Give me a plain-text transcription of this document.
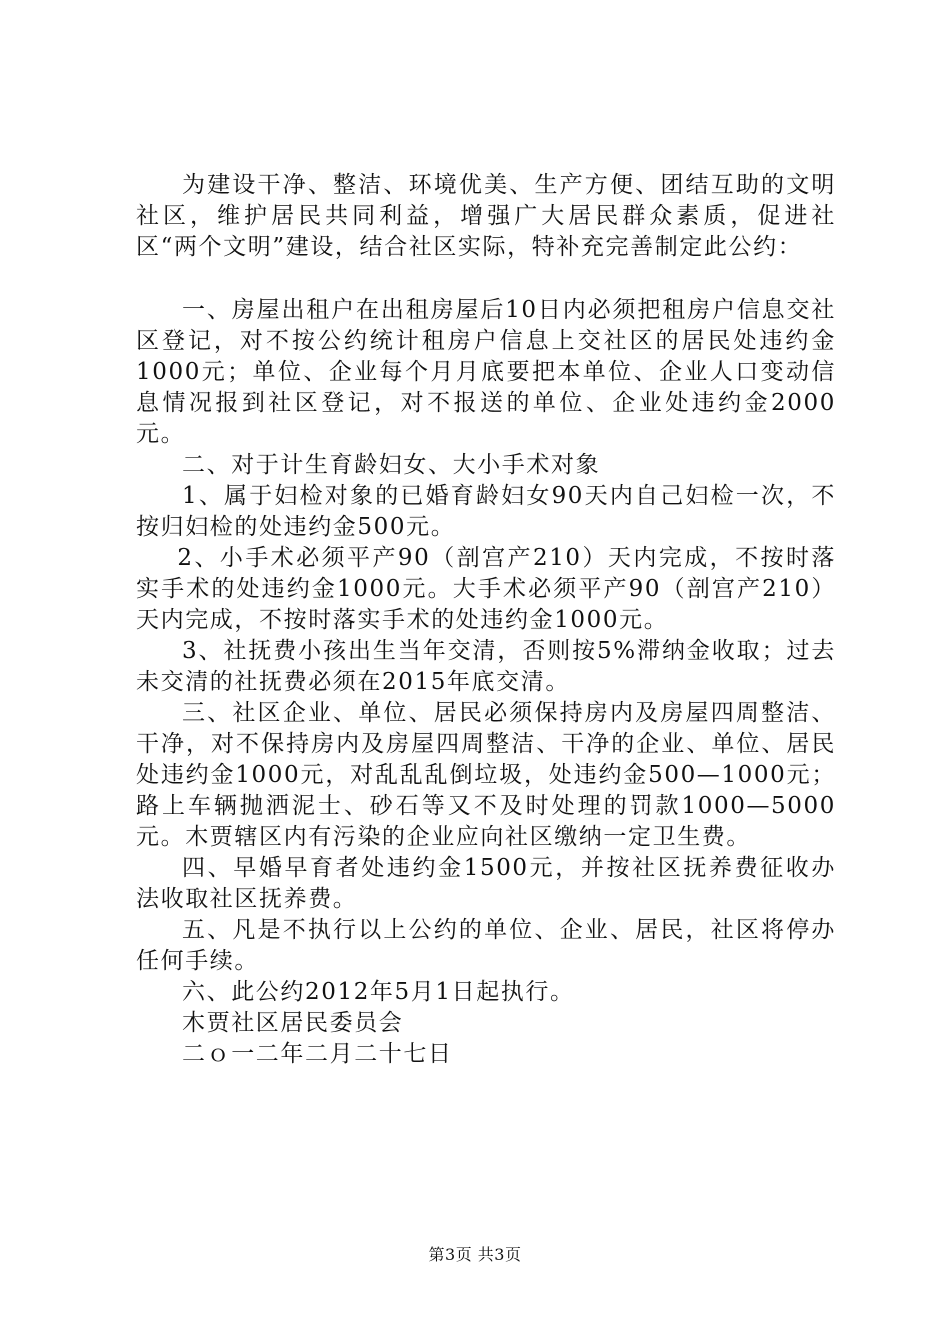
为建设干净、整洁、环境优美、生产方便、团结互助的文明社区，维护居民共同利益，增强广大居民群众素质，促进社区“两个文明”建设，结合社区实际，特补充完善制定此公约：

一、房屋出租户在出租房屋后10日内必须把租房户信息交社区登记，对不按公约统计租房户信息上交社区的居民处违约金1000元；单位、企业每个月月底要把本单位、企业人口变动信息情况报到社区登记，对不报送的单位、企业处违约金2000元。

二、对于计生育龄妇女、大小手术对象

1、属于妇检对象的已婚育龄妇女90天内自己妇检一次，不按归妇检的处违约金500元。

2、小手术必须平产90（剖宫产210）天内完成，不按时落实手术的处违约金1000元。大手术必须平产90（剖宫产210）天内完成，不按时落实手术的处违约金1000元。

3、社抚费小孩出生当年交清，否则按5%滞纳金收取；过去未交清的社抚费必须在2015年底交清。

三、社区企业、单位、居民必须保持房内及房屋四周整洁、干净，对不保持房内及房屋四周整洁、干净的企业、单位、居民处违约金1000元，对乱乱乱倒垃圾，处违约金500—1000元；路上车辆抛洒泥士、砂石等又不及时处理的罚款1000—5000元。木贾辖区内有污染的企业应向社区缴纳一定卫生费。

四、早婚早育者处违约金1500元，并按社区抚养费征收办法收取社区抚养费。

五、凡是不执行以上公约的单位、企业、居民，社区将停办任何手续。

六、此公约2012年5月1日起执行。

木贾社区居民委员会

二ｏ一二年二月二十七日

第3页 共3页
